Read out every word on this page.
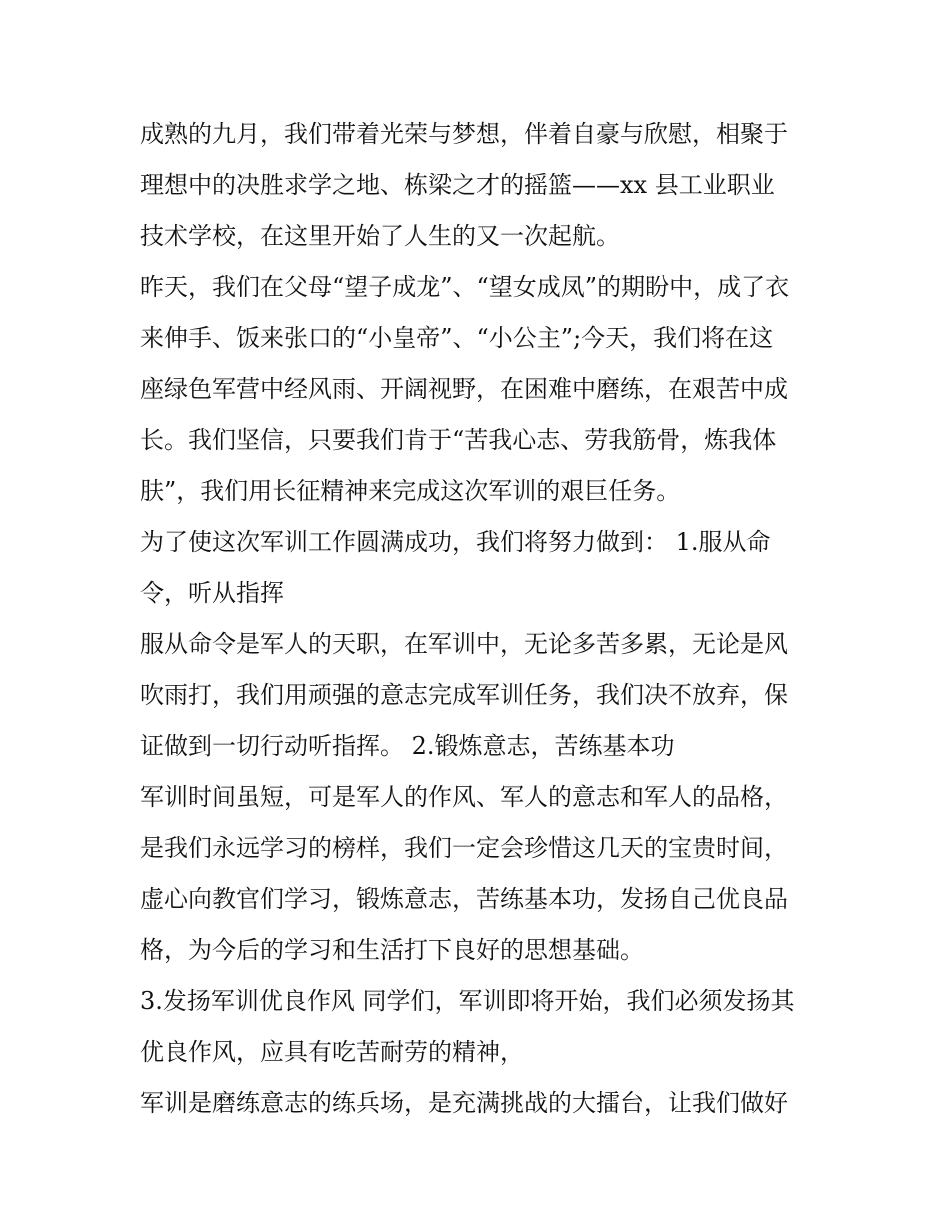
成熟的九月，我们带着光荣与梦想，伴着自豪与欣慰，相聚于
理想中的决胜求学之地、栋梁之才的摇篮——xx 县工业职业
技术学校，在这里开始了人生的又一次起航。
昨天，我们在父母“望子成龙”、“望女成凤”的期盼中，成了衣
来伸手、饭来张口的“小皇帝”、“小公主”;今天，我们将在这
座绿色军营中经风雨、开阔视野，在困难中磨练，在艰苦中成
长。我们坚信，只要我们肯于“苦我心志、劳我筋骨，炼我体
肤”，我们用长征精神来完成这次军训的艰巨任务。
为了使这次军训工作圆满成功，我们将努力做到： 1.服从命
令，听从指挥
服从命令是军人的天职，在军训中，无论多苦多累，无论是风
吹雨打，我们用顽强的意志完成军训任务，我们决不放弃，保
证做到一切行动听指挥。 2.锻炼意志，苦练基本功
军训时间虽短，可是军人的作风、军人的意志和军人的品格，
是我们永远学习的榜样，我们一定会珍惜这几天的宝贵时间，
虚心向教官们学习，锻炼意志，苦练基本功，发扬自己优良品
格，为今后的学习和生活打下良好的思想基础。
3.发扬军训优良作风 同学们，军训即将开始，我们必须发扬其
优良作风，应具有吃苦耐劳的精神，
军训是磨练意志的练兵场，是充满挑战的大擂台，让我们做好
